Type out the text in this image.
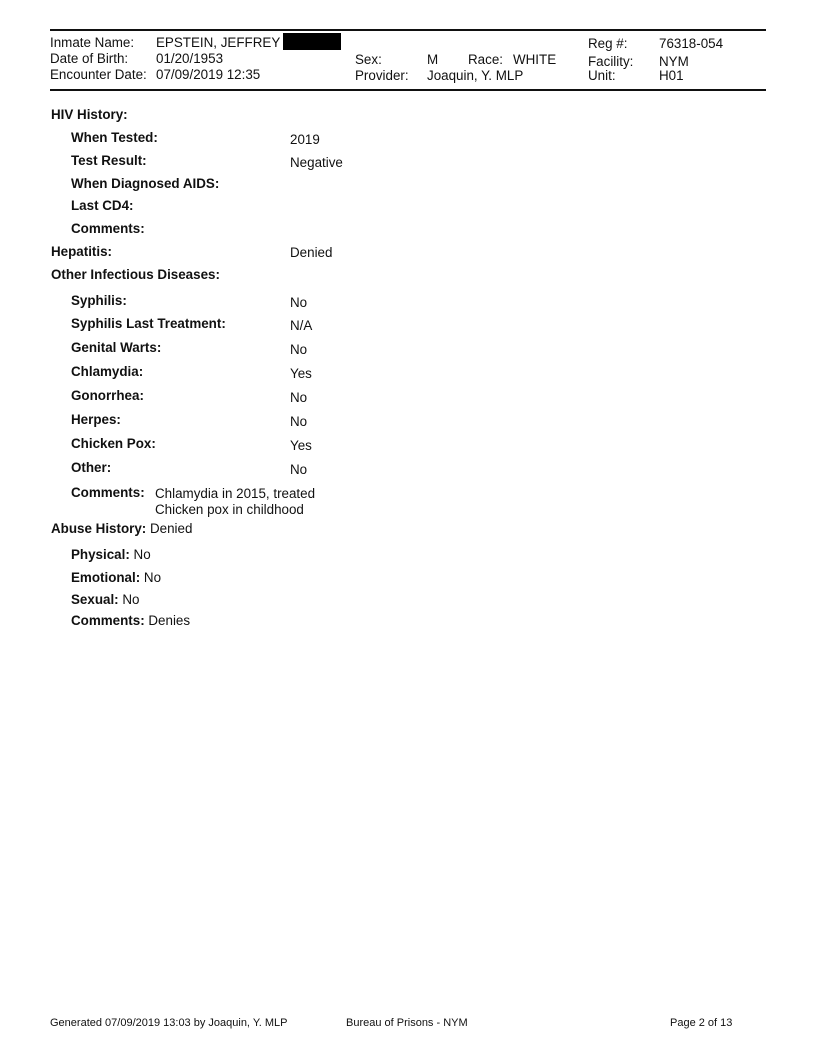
Inmate Name: EPSTEIN, JEFFREY
Date of Birth: 01/20/1953
Encounter Date: 07/09/2019 12:35
Sex:	M Race: WHITE
Provider: Joaquin, Y. MLP
Reg #: 76318-054
Facility: NYM
Unit:	H01
HIV History:
When Tested:	2019
Test Result:	Negative
When Diagnosed AIDS:
Last CD4:
Comments:
Hepatitis:	Denied
Other Infectious Diseases:
Syphilis:	No
Syphilis Last Treatment:	N/A
Genital Warts:	No
Chlamydia:	Yes
Gonorrhea:	No
Herpes:	No
Chicken Pox:	Yes
Other:	No
Comments: Chlamydia in 2015, treated
Chicken pox in childhood
Abuse History: Denied
Physical: No
Emotional: No
Sexual: No
Comments: Denies
Generated 07/09/2019 13:03 by Joaquin, Y. MLP	Bureau of Prisons - NYM	Page 2 of 13
